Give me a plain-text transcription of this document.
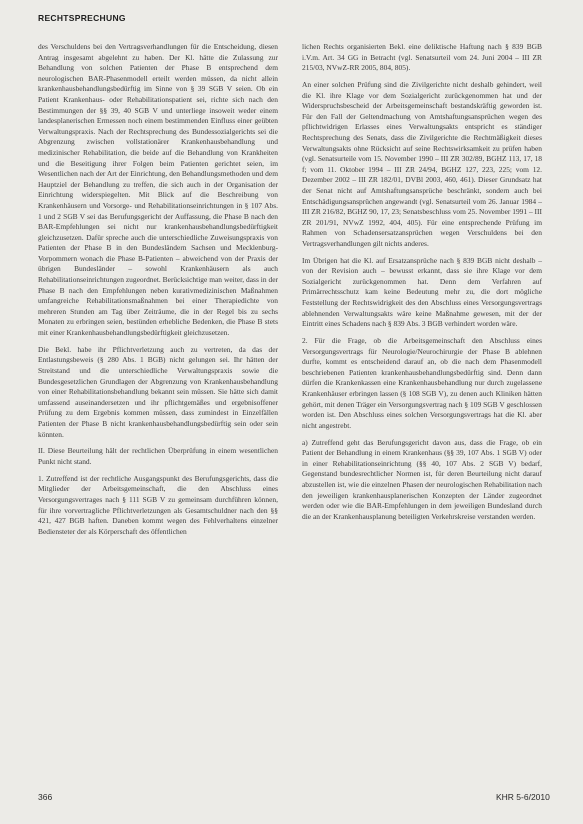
RECHTSPRECHUNG

des Verschuldens bei den Vertragsverhandlungen für die Entscheidung, diesen Antrag insgesamt abgelehnt zu haben. Der Kl. hätte die Zulassung zur Behandlung von solchen Patienten der Phase B entsprechend dem neurologischen BAR-Phasenmodell erteilt werden müssen, da nicht allein krankenhausbehandlungsbedürftig im Sinne von § 39 SGB V seien. Ob ein Patient Krankenhaus- oder Rehabilitationspatient sei, richte sich nach den Bestimmungen der §§ 39, 40 SGB V und unterliege insoweit weder einem landesplanerischen Ermessen noch einem bestimmenden Einfluss einer geübten Verwaltungspraxis. Nach der Rechtsprechung des Bundessozialgerichts sei die Abgrenzung zwischen vollstationärer Krankenhausbehandlung und medizinischer Rehabilitation, die beide auf die Behandlung von Krankheiten und die Beseitigung ihrer Folgen beim Patienten gerichtet seien, im Wesentlichen nach der Art der Einrichtung, den Behandlungsmethoden und dem Hauptziel der Behandlung zu treffen, die sich auch in der Organisation der Einrichtung widerspiegelten. Mit Blick auf die Beschreibung von Krankenhäusern und Vorsorge- und Rehabilitationseinrichtungen in § 107 Abs. 1 und 2 SGB V sei das Berufungsgericht der Auffassung, die Phase B nach den BAR-Empfehlungen sei nicht nur krankenhausbehandlungsbedürftigkeit gleichzusetzen. Dafür spreche auch die unterschiedliche Zuweisungspraxis von Patienten der Phase B in den Bundesländern Sachsen und Mecklenburg-Vorpommern wonach die Phase B-Patienten – abweichend von der Praxis der übrigen Bundesländer – sowohl Krankenhäusern als auch Rehabilitationseinrichtungen zugeordnet. Berücksichtige man weiter, dass in der Phase B nach den Empfehlungen neben kurativmedizinischen Maßnahmen umfangreiche Rehabilitationsmaßnahmen bei einer Therapiedichte von mehreren Stunden am Tag über Zeiträume, die in der Regel bis zu sechs Monaten zu erbringen seien, bestünden erhebliche Bedenken, die Phase B stets mit einer Krankenhausbehandlungsbedürftigkeit gleichzusetzen.

Die Bekl. habe ihr Pflichtverletzung auch zu vertreten, da das der Entlastungsbeweis (§ 280 Abs. 1 BGB) nicht gelungen sei. Ihr hätten der Streitstand und die unterschiedliche Verwaltungspraxis sowie die Bundesgesetzlichen Grundlagen der Abgrenzung von Krankenhausbehandlung von einer Rehabilitationsbehandlung bekannt sein müssen. Sie hätte sich damit umfassend auseinandersetzen und ihr pflichtgemäßes und ergebnisoffener Prüfung zu dem Ergebnis kommen müssen, dass zumindest in Einzelfällen Patienten der Phase B nicht krankenhausbehandlungsbedürftig sein oder sein könnten.

II. Diese Beurteilung hält der rechtlichen Überprüfung in einem wesentlichen Punkt nicht stand.

1. Zutreffend ist der rechtliche Ausgangspunkt des Berufungsgerichts, dass die Mitglieder der Arbeitsgemeinschaft, die den Abschluss eines Versorgungsvertrages nach § 111 SGB V zu gemeinsam durchführen können, für ihre vorvertragliche Pflichtverletzungen als Gesamtschuldner nach den §§ 421, 427 BGB haften. Daneben kommt wegen des Fehlverhaltens einzelner Bediensteter der als Körperschaft des öffentlichen

lichen Rechts organisierten Bekl. eine deliktische Haftung nach § 839 BGB i.V.m. Art. 34 GG in Betracht (vgl. Senatsurteil vom 24. Juni 2004 – III ZR 215/03, NVwZ-RR 2005, 804, 805).

An einer solchen Prüfung sind die Zivilgerichte nicht deshalb gehindert, weil die Kl. ihre Klage vor dem Sozialgericht zurückgenommen hat und der Widerspruchsbescheid der Arbeitsgemeinschaft bestandskräftig geworden ist. Für den Fall der Geltendmachung von Amtshaftungsansprüchen wegen des pflichtwidrigen Erlasses eines Verwaltungsakts entspricht es ständiger Rechtsprechung des Senats, dass die Zivilgerichte die Rechtmäßigkeit dieses Verwaltungsakts ohne Rücksicht auf seine Rechtswirksamkeit zu prüfen haben (vgl. Senatsurteile vom 15. November 1990 – III ZR 302/89, BGHZ 113, 17, 18 f; vom 11. Oktober 1994 – III ZR 24/94, BGHZ 127, 223, 225; vom 12. Dezember 2002 – III ZR 182/01, DVBl 2003, 460, 461). Dieser Grundsatz hat der Senat nicht auf Amtshaftungsansprüche beschränkt, sondern auch bei Entschädigungsansprüchen angewandt (vgl. Senatsurteil vom 26. Januar 1984 – III ZR 216/82, BGHZ 90, 17, 23; Senatsbeschluss vom 25. November 1991 – III ZR 201/91, NVwZ 1992, 404, 405). Für eine entsprechende Prüfung im Rahmen von Schadensersatzansprüchen wegen Verschuldens bei den Vertragsverhandlungen gilt nichts anderes.

Im Übrigen hat die Kl. auf Ersatzansprüche nach § 839 BGB nicht deshalb – von der Revision auch – bewusst erkannt, dass sie ihre Klage vor dem Sozialgericht zurückgenommen hat. Denn dem Verfahren auf Primärrechtsschutz kam keine Bedeutung mehr zu, die dort mögliche Feststellung der Rechtswidrigkeit des den Abschluss eines Versorgungsvertrags ablehnenden Verwaltungsakts wäre keine Maßnahme gewesen, mit der der Eintritt eines Schadens nach § 839 Abs. 3 BGB verhindert worden wäre.

2. Für die Frage, ob die Arbeitsgemeinschaft den Abschluss eines Versorgungsvertrags für Neurologie/Neurochirurgie der Phase B ablehnen durfte, kommt es entscheidend darauf an, ob die nach dem Phasenmodell beschriebenen Patienten krankenhausbehandlungsbedürftig sind. Denn dann dürfen die Krankenkassen eine Krankenhausbehandlung nur durch zugelassene Krankenhäuser erbringen lassen (§ 108 SGB V), zu denen auch Kliniken hätten gehört, mit denen Träger ein Versorgungsvertrag nach § 109 SGB V geschlossen worden ist. Den Abschluss eines solchen Versorgungsvertrags hat die Kl. aber nicht angestrebt.

a) Zutreffend geht das Berufungsgericht davon aus, dass die Frage, ob ein Patient der Behandlung in einem Krankenhaus (§§ 39, 107 Abs. 1 SGB V) oder in einer Rehabilitationseinrichtung (§§ 40, 107 Abs. 2 SGB V) bedarf, Gegenstand bundesrechtlicher Normen ist, für deren Beurteilung nicht darauf abzustellen ist, wie die einzelnen Phasen der neurologischen Rehabilitation nach den jeweiligen krankenhausplanerischen Konzepten der Länder zugeordnet werden oder wie die BAR-Empfehlungen in dem jeweiligen Bundesland durch die an der Krankenhausplanung beteiligten Verkehrskreise verstanden werden.

366	KHR 5-6/2010
